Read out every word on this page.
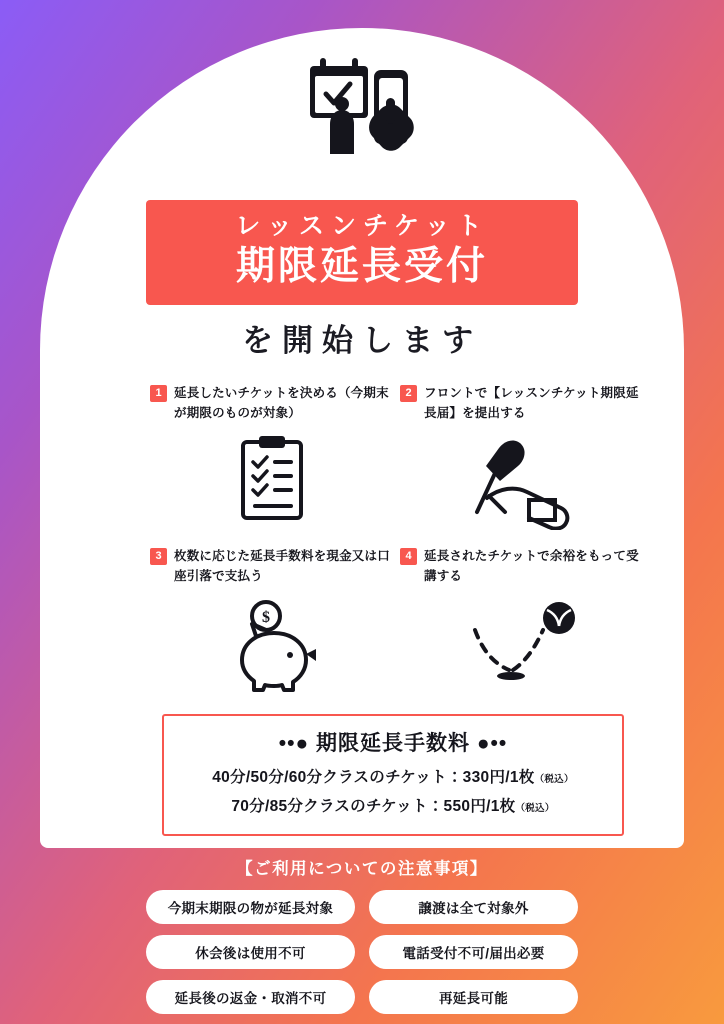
レッスンチケット
期限延長受付
を開始します
1 延長したいチケットを決める（今期末が期限のものが対象）
2 フロントで【レッスンチケット期限延長届】を提出する
3 枚数に応じた延長手数料を現金又は口座引落で支払う
$
4 延長されたチケットで余裕をもって受講する
••● 期限延長手数料 ●••
40分/50分/60分クラスのチケット：330円/1枚（税込）
70分/85分クラスのチケット：550円/1枚（税込）
【ご利用についての注意事項】
今期末期限の物が延長対象	譲渡は全て対象外
休会後は使用不可	電話受付不可/届出必要
延長後の返金・取消不可	再延長可能
